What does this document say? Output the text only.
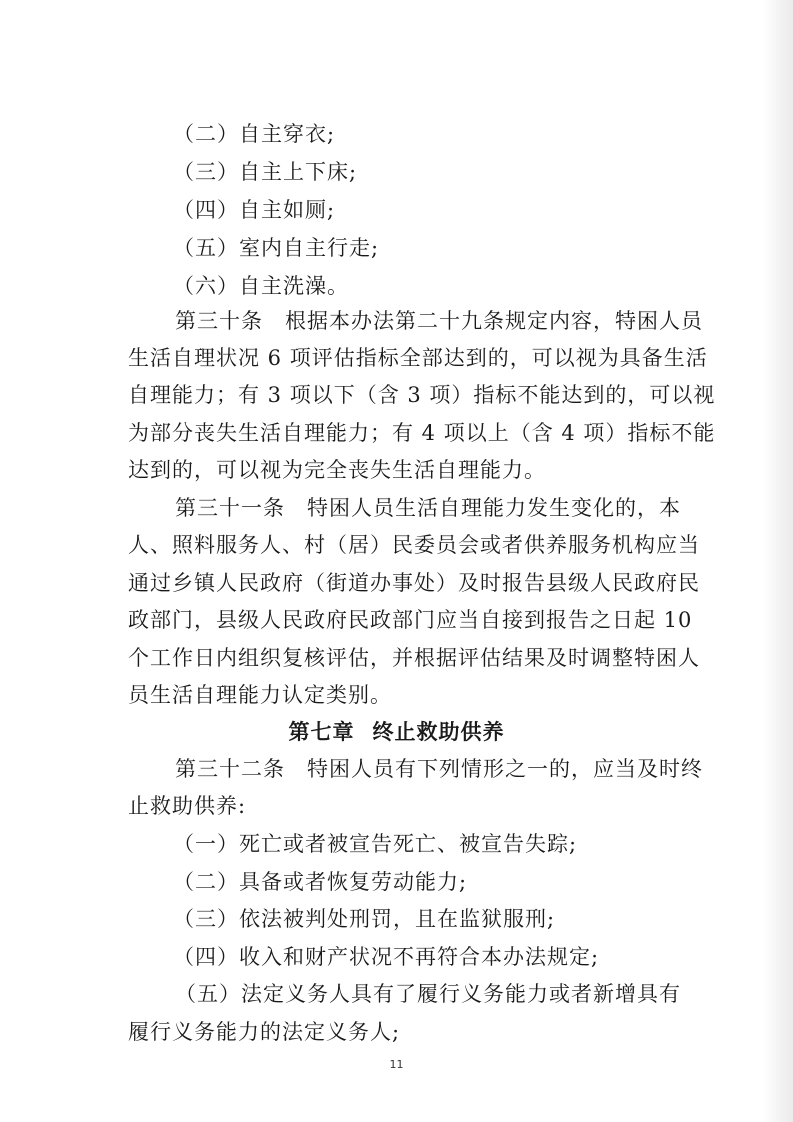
（二）自主穿衣;
（三）自主上下床;
（四）自主如厕;
（五）室内自主行走;
（六）自主洗澡。
第三十条　根据本办法第二十九条规定内容，特困人员
生活自理状况 6 项评估指标全部达到的，可以视为具备生活
自理能力；有 3 项以下（含 3 项）指标不能达到的，可以视
为部分丧失生活自理能力；有 4 项以上（含 4 项）指标不能
达到的，可以视为完全丧失生活自理能力。
第三十一条　特困人员生活自理能力发生变化的，本
人、照料服务人、村（居）民委员会或者供养服务机构应当
通过乡镇人民政府（街道办事处）及时报告县级人民政府民
政部门，县级人民政府民政部门应当自接到报告之日起 10
个工作日内组织复核评估，并根据评估结果及时调整特困人
员生活自理能力认定类别。
第七章 终止救助供养
第三十二条　特困人员有下列情形之一的，应当及时终
止救助供养:
（一）死亡或者被宣告死亡、被宣告失踪;
（二）具备或者恢复劳动能力;
（三）依法被判处刑罚，且在监狱服刑;
（四）收入和财产状况不再符合本办法规定;
（五）法定义务人具有了履行义务能力或者新增具有
履行义务能力的法定义务人;
11
